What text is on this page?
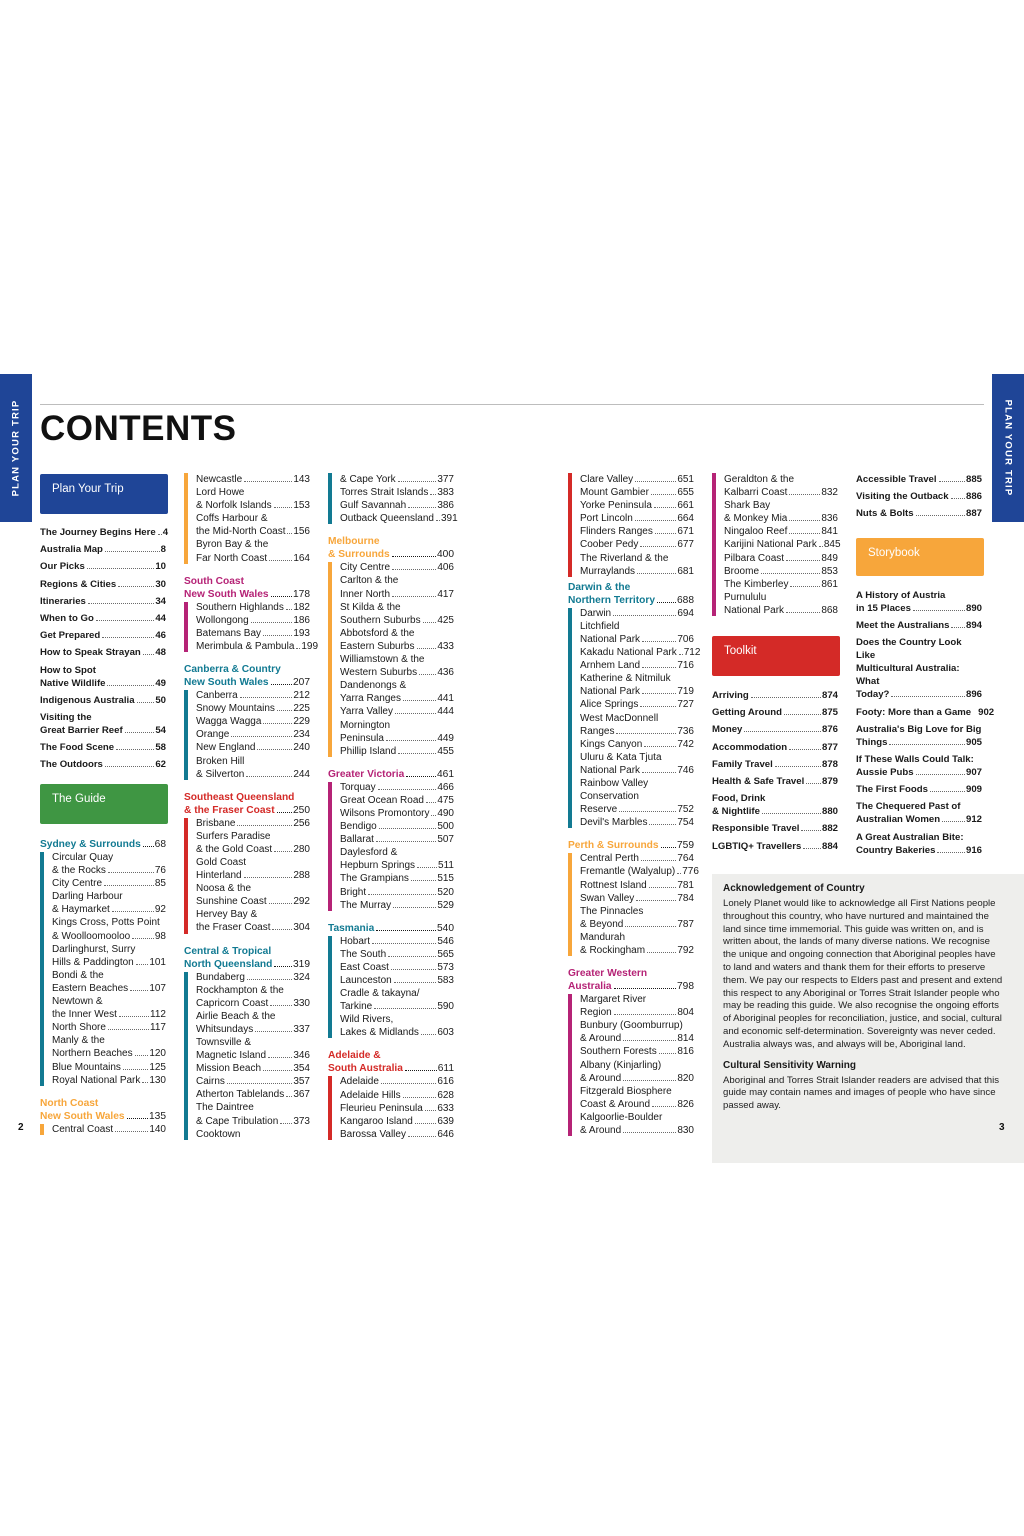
PLAN YOUR TRIP	PLAN YOUR TRIP
CONTENTS
Plan Your Trip
The Guide
Toolkit
Storybook
The Journey Begins Here 4
Australia Map	8
Our Picks	10
Regions & Cities	30
Itineraries	34
When to Go	44
Get Prepared	46
How to Speak Strayan 48
How to Spot
Native Wildlife	49
Indigenous Australia 50
Visiting the
Great Barrier Reef	54
The Food Scene	58
The Outdoors	62
Sydney & Surrounds 68
Circular Quay
& the Rocks	76
City Centre	85
Darling Harbour
& Haymarket	92
Kings Cross, Potts Point
& Woolloomooloo 98
Darlinghurst, Surry
Hills & Paddington 101
Bondi & the
Eastern Beaches 107
Newtown &
the Inner West	112
North Shore	117
Manly & the
Northern Beaches 120
Blue Mountains	125
Royal National Park 130
North Coast
New South Wales 135
Central Coast	140
Newcastle	143
Lord Howe
& Norfolk Islands 153
Coffs Harbour &
the Mid-North Coast 156
Byron Bay & the
Far North Coast	164
South Coast
New South Wales 178
Southern Highlands 182
Wollongong	186
Batemans Bay	193
Merimbula & Pambula 199
Canberra & Country
New South Wales 207
Canberra	212
Snowy Mountains 225
Wagga Wagga	229
Orange	234
New England	240
Broken Hill
& Silverton	244
Southeast Queensland
& the Fraser Coast 250
Brisbane	256
Surfers Paradise
& the Gold Coast 280
Gold Coast
Hinterland	288
Noosa & the
Sunshine Coast	292
Hervey Bay &
the Fraser Coast 304
Central & Tropical
North Queensland 319
Bundaberg	324
Rockhampton & the
Capricorn Coast	330
Airlie Beach & the
Whitsundays	337
Townsville &
Magnetic Island	346
Mission Beach	354
Cairns	357
Atherton Tablelands 367
The Daintree
& Cape Tribulation 373
Cooktown
& Cape York	377
Torres Strait Islands 383
Gulf Savannah	386
Outback Queensland 391
Melbourne
& Surrounds	400
City Centre	406
Carlton & the
Inner North	417
St Kilda & the
Southern Suburbs 425
Abbotsford & the
Eastern Suburbs 433
Williamstown & the
Western Suburbs 436
Dandenongs &
Yarra Ranges	441
Yarra Valley	444
Mornington
Peninsula	449
Phillip Island	455
Greater Victoria	461
Torquay	466
Great Ocean Road 475
Wilsons Promontory 490
Bendigo	500
Ballarat	507
Daylesford &
Hepburn Springs 511
The Grampians	515
Bright	520
The Murray	529
Tasmania	540
Hobart	546
The South	565
East Coast	573
Launceston	583
Cradle & takayna/
Tarkine	590
Wild Rivers,
Lakes & Midlands 603
Adelaide &
South Australia	611
Adelaide	616
Adelaide Hills	628
Fleurieu Peninsula 633
Kangaroo Island 639
Barossa Valley	646
Clare Valley	651
Mount Gambier	655
Yorke Peninsula	661
Port Lincoln	664
Flinders Ranges 671
Coober Pedy	677
The Riverland & the
Murraylands	681
Darwin & the
Northern Territory 688
Darwin	694
Litchfield
National Park	706
Kakadu National Park 712
Arnhem Land	716
Katherine & Nitmiluk
National Park	719
Alice Springs	727
West MacDonnell
Ranges	736
Kings Canyon	742
Uluru & Kata Tjuta
National Park	746
Rainbow Valley
Conservation
Reserve	752
Devil's Marbles	754
Perth & Surrounds 759
Central Perth	764
Fremantle (Walyalup) 776
Rottnest Island	781
Swan Valley	784
The Pinnacles
& Beyond	787
Mandurah
& Rockingham	792
Greater Western
Australia	798
Margaret River
Region	804
Bunbury (Goomburrup)
& Around	814
Southern Forests 816
Albany (Kinjarling)
& Around	820
Fitzgerald Biosphere
Coast & Around	826
Kalgoorlie-Boulder
& Around	830
Geraldton & the
Kalbarri Coast	832
Shark Bay
& Monkey Mia	836
Ningaloo Reef	841
Karijini National Park 845
Pilbara Coast	849
Broome	853
The Kimberley	861
Purnululu
National Park	868
Arriving	874
Getting Around	875
Money	876
Accommodation	877
Family Travel	878
Health & Safe Travel 879
Food, Drink
& Nightlife	880
Responsible Travel 882
LGBTIQ+ Travellers 884
Accessible Travel	885
Visiting the Outback 886
Nuts & Bolts	887
A History of Austria
in 15 Places	890
Meet the Australians 894
Does the Country Look Like
Multicultural Australia: What
Today?	896
Footy: More than a Game 902
Australia's Big Love for Big
Things	905
If These Walls Could Talk:
Aussie Pubs	907
The First Foods	909
The Chequered Past of
Australian Women	912
A Great Australian Bite:
Country Bakeries	916
Acknowledgement of Country
Lonely Planet would like to acknowledge all First Nations people throughout this country, who have nurtured and maintained the land since time immemorial. This guide was written on, and is written about, the lands of many diverse nations. We recognise the unique and ongoing connection that Aboriginal peoples have to land and waters and thank them for their efforts to preserve them. We pay our respects to Elders past and present and extend this respect to any Aboriginal or Torres Strait Islander people who may be reading this guide. We also recognise the ongoing efforts of Aboriginal peoples for reconciliation, justice, and social, cultural and economic self-determination. Sovereignty was never ceded. Australia always was, and always will be, Aboriginal land.
Cultural Sensitivity Warning
Aboriginal and Torres Strait Islander readers are advised that this guide may contain names and images of people who have since passed away.
2	3
